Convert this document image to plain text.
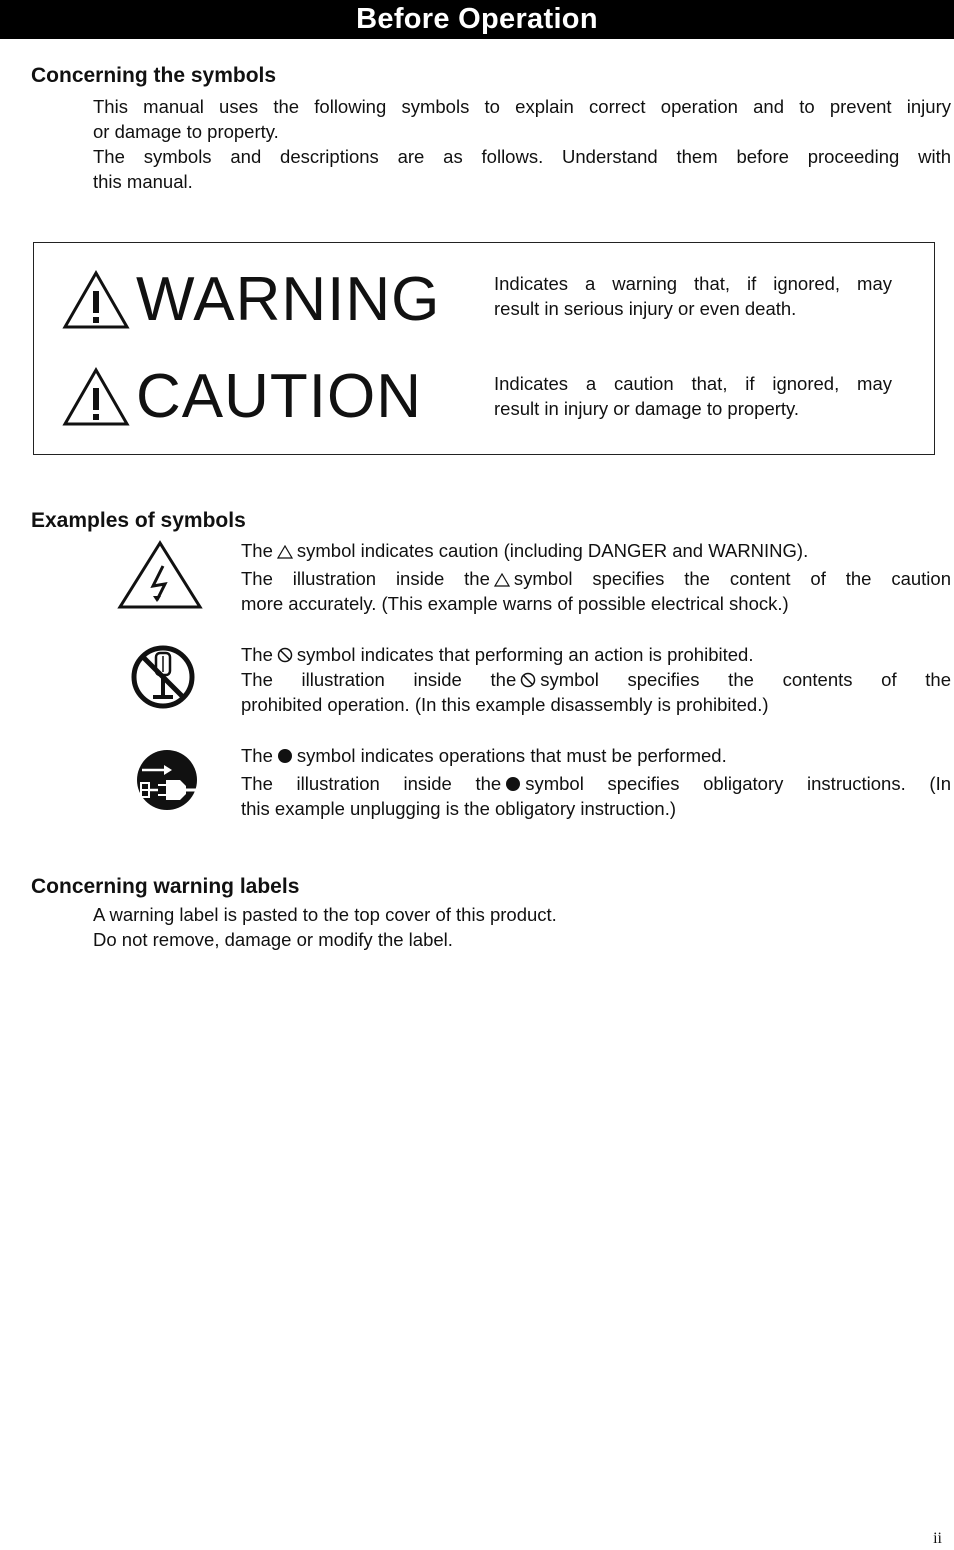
Before Operation
Concerning the symbols

This manual uses the following symbols to explain correct operation and to prevent injury

or damage to property.

The symbols and descriptions are as follows. Understand them before proceeding with

this manual.

WARNING	Indicates a warning that, if ignored, may
result in serious injury or even death.
CAUTION	Indicates a caution that, if ignored, may
result in injury or damage to property.
Examples of symbols

The symbol indicates caution (including DANGER and WARNING).

The illustration inside the symbol specifies the content of the caution

more accurately. (This example warns of possible electrical shock.)

The symbol indicates that performing an action is prohibited.

The illustration inside the symbol specifies the contents of the

prohibited operation. (In this example disassembly is prohibited.)

The symbol indicates operations that must be performed.

The illustration inside the symbol specifies obligatory instructions. (In

this example unplugging is the obligatory instruction.)

Concerning warning labels

A warning label is pasted to the top cover of this product.

Do not remove, damage or modify the label.

ii
